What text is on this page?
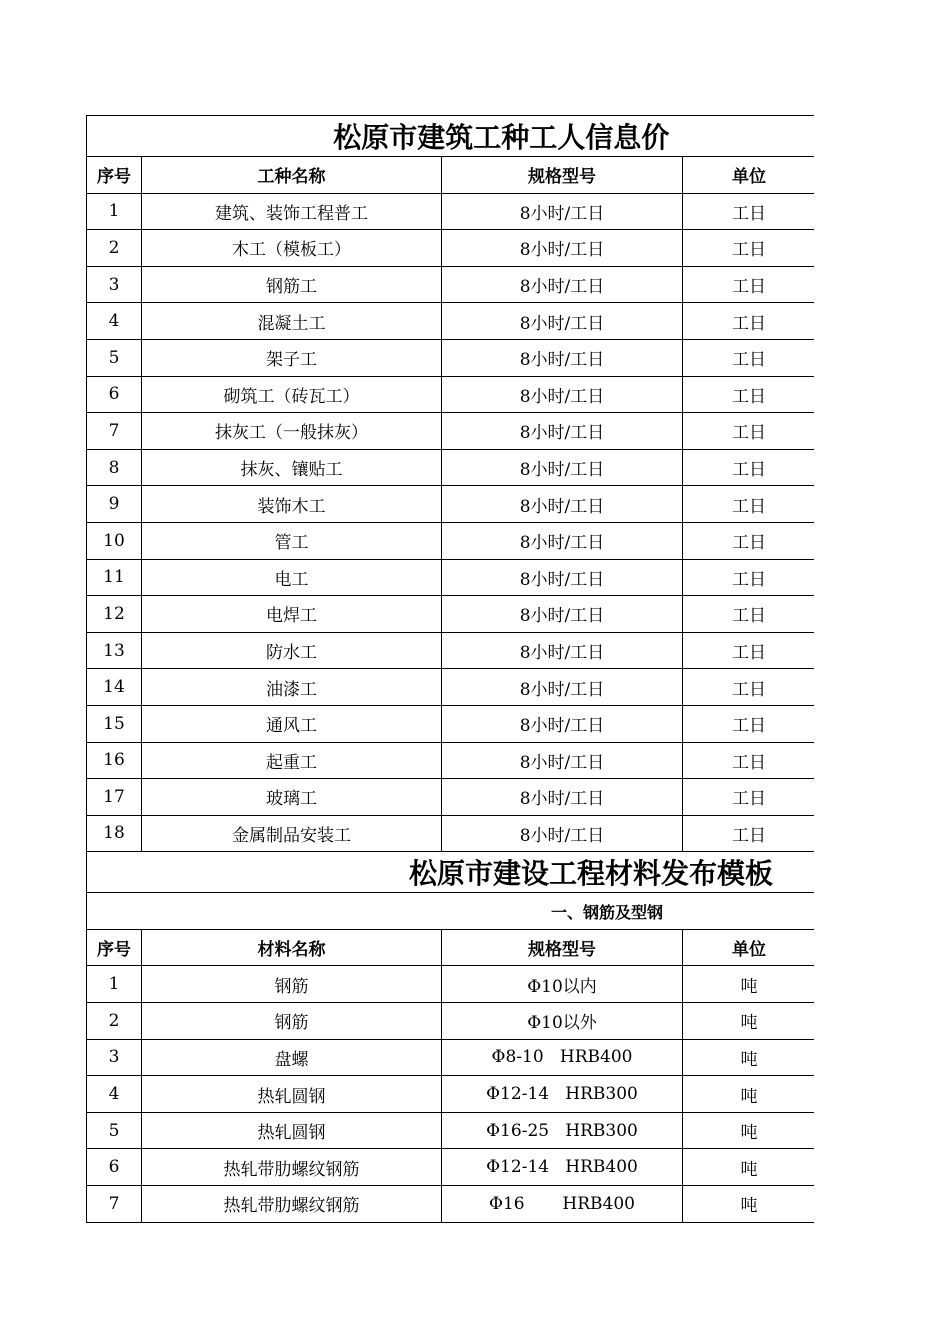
松原市建筑工种工人信息价			
序号	工种名称	规格型号	单位
1	建筑、装饰工程普工	8小时/工日	工日
2	木工（模板工）	8小时/工日	工日
3	钢筋工	8小时/工日	工日
4	混凝土工	8小时/工日	工日
5	架子工	8小时/工日	工日
6	砌筑工（砖瓦工）	8小时/工日	工日
7	抹灰工（一般抹灰）	8小时/工日	工日
8	抹灰、镶贴工	8小时/工日	工日
9	装饰木工	8小时/工日	工日
10	管工	8小时/工日	工日
11	电工	8小时/工日	工日
12	电焊工	8小时/工日	工日
13	防水工	8小时/工日	工日
14	油漆工	8小时/工日	工日
15	通风工	8小时/工日	工日
16	起重工	8小时/工日	工日
17	玻璃工	8小时/工日	工日
18	金属制品安装工	8小时/工日	工日
松原市建设工程材料发布模板			
一、钢筋及型钢			
序号	材料名称	规格型号	单位
1	钢筋	Φ10以内	吨
2	钢筋	Φ10以外	吨
3	盘螺	Φ8-10   HRB400	吨
4	热轧圆钢	Φ12-14   HRB300	吨
5	热轧圆钢	Φ16-25   HRB300	吨
6	热轧带肋螺纹钢筋	Φ12-14   HRB400	吨
7	热轧带肋螺纹钢筋	Φ16       HRB400	吨
